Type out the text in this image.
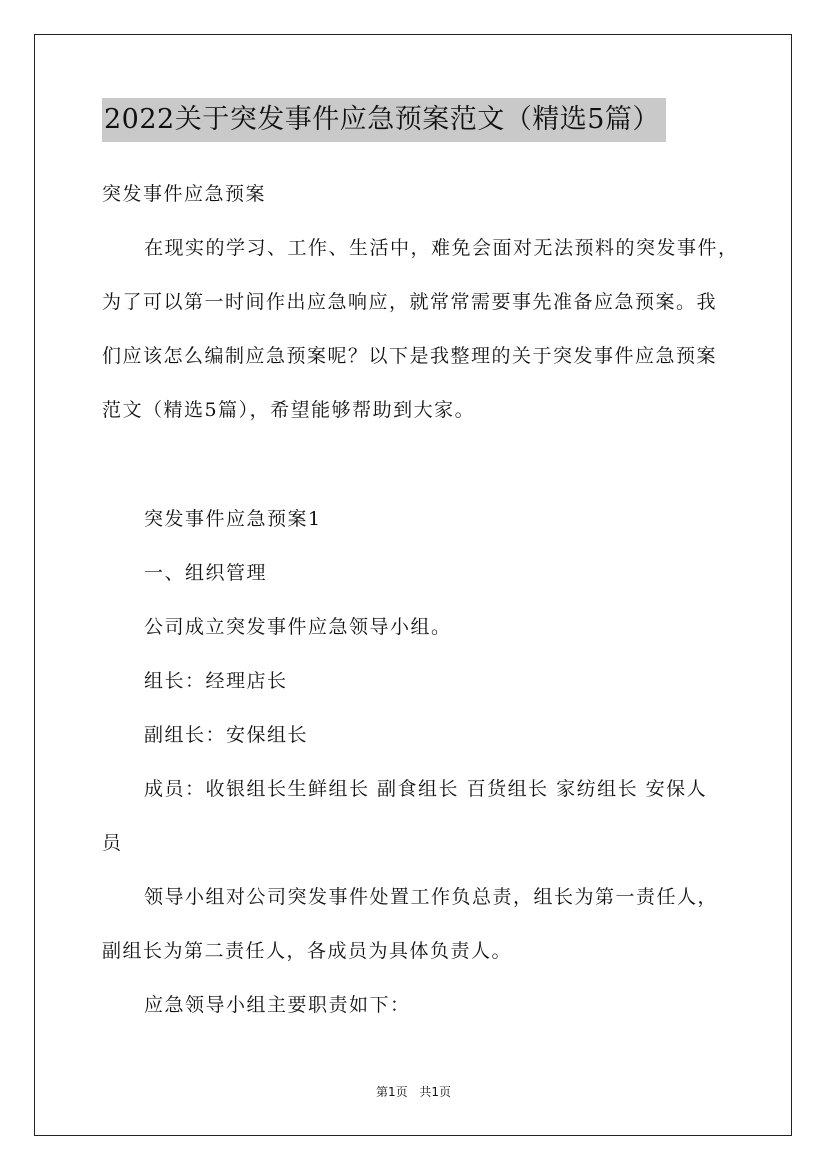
2022关于突发事件应急预案范文（精选5篇）
突发事件应急预案
在现实的学习、工作、生活中，难免会面对无法预料的突发事件，
为了可以第一时间作出应急响应，就常常需要事先准备应急预案。我
们应该怎么编制应急预案呢？以下是我整理的关于突发事件应急预案
范文（精选5篇），希望能够帮助到大家。
突发事件应急预案1
一、组织管理
公司成立突发事件应急领导小组。
组长：经理店长
副组长：安保组长
成员：收银组长生鲜组长 副食组长 百货组长 家纺组长 安保人
员
领导小组对公司突发事件处置工作负总责，组长为第一责任人，
副组长为第二责任人，各成员为具体负责人。
应急领导小组主要职责如下：
第1页 共1页
